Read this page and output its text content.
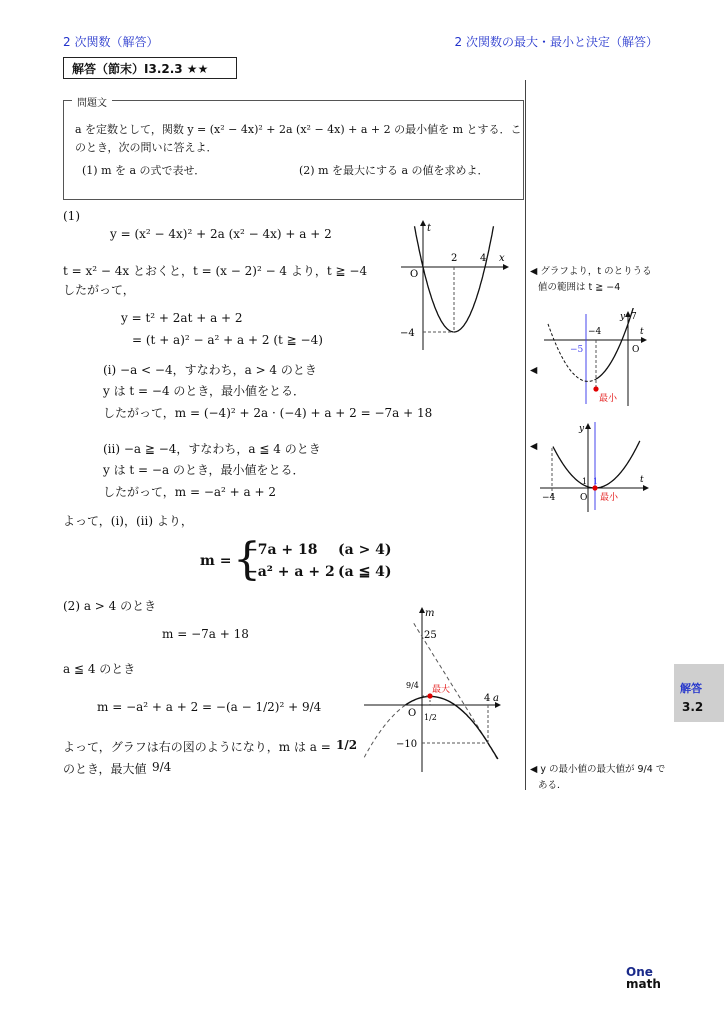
2 次関数（解答）	2 次関数の最大・最小と決定（解答）
解答（節末）I3.2.3 ★★
問題文
a を定数として，関数 y = (x² − 4x)² + 2a (x² − 4x) + a + 2 の最小値を m とする．こ
のとき，次の問いに答えよ．
(1) m を a の式で表せ．	(2) m を最大にする a の値を求めよ．
(1)
y = (x² − 4x)² + 2a (x² − 4x) + a + 2
t = x² − 4x とおくと，t = (x − 2)² − 4 より，t ≧ −4
したがって，
y = t² + 2at + a + 2
= (t + a)² − a² + a + 2 (t ≧ −4)
(i) −a < −4，すなわち，a > 4 のとき
y は t = −4 のとき，最小値をとる．
したがって，m = (−4)² + 2a · (−4) + a + 2 = −7a + 18
(ii) −a ≧ −4，すなわち，a ≦ 4 のとき
y は t = −a のとき，最小値をとる．
したがって，m = −a² + a + 2
よって，(i)，(ii) より，
m = {
−7a + 18 (a > 4)
−a² + a + 2 (a ≦ 4)
(2) a > 4 のとき
m = −7a + 18
a ≦ 4 のとき
m = −a² + a + 2 = −(a − 1/2)² + 9/4
よって，グラフは右の図のようになり，m は a = 1/2
のとき，最大値 9/4
◀ グラフより，t のとりうる
値の範囲は t ≧ −4
◀
◀
◀ y の最小値の最大値が 9/4 で
ある．
t
x
O
2 4
−4
最小
7
y
t
O
−4
−5
最小
y
t
−4	O
1 1
最大
m
a
25
9/4
O 1/2
4
−10
解答
3.2
One
math
